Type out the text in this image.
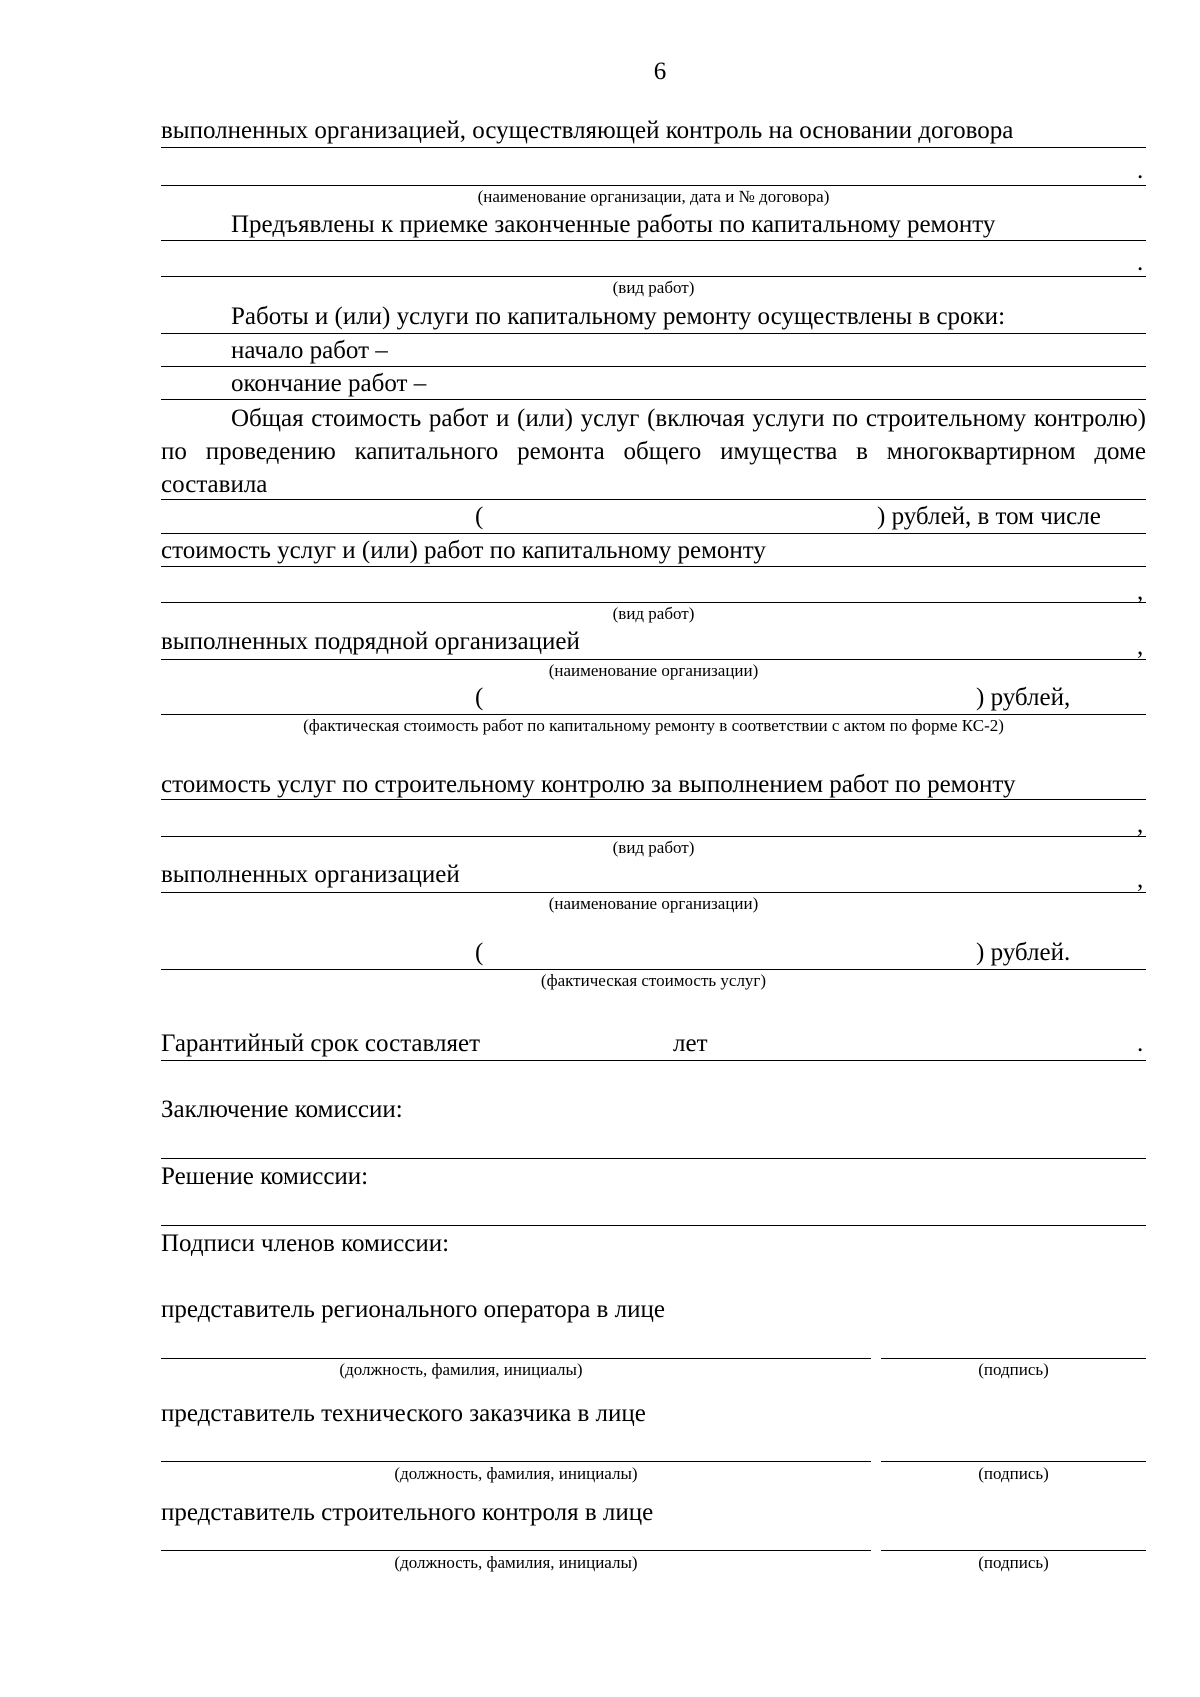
6
выполненных организацией, осуществляющей контроль на основании договора
.
(наименование организации, дата и № договора)
Предъявлены к приемке законченные работы по капитальному ремонту
.
(вид работ)
Работы и (или) услуги по капитальному ремонту осуществлены в сроки:
начало работ –
окончание работ –
Общая стоимость работ и (или) услуг (включая услуги по строительному контролю) по проведению капитального ремонта общего имущества в многоквартирном доме составила
(	) рублей, в том числе
стоимость услуг и (или) работ по капитальному ремонту
,
(вид работ)
выполненных подрядной организацией	,
(наименование организации)
(	) рублей,
(фактическая стоимость работ по капитальному ремонту в соответствии с актом по форме КС-2)
стоимость услуг по строительному контролю за выполнением работ по ремонту
,
(вид работ)
выполненных организацией	,
(наименование организации)
(	) рублей.
(фактическая стоимость услуг)
Гарантийный срок составляет	лет	.
Заключение комиссии:
Решение комиссии:
Подписи членов комиссии:
представитель регионального оператора в лице
(должность, фамилия, инициалы)	(подпись)
представитель технического заказчика в лице
(должность, фамилия, инициалы)	(подпись)
представитель строительного контроля в лице
(должность, фамилия, инициалы)	(подпись)
